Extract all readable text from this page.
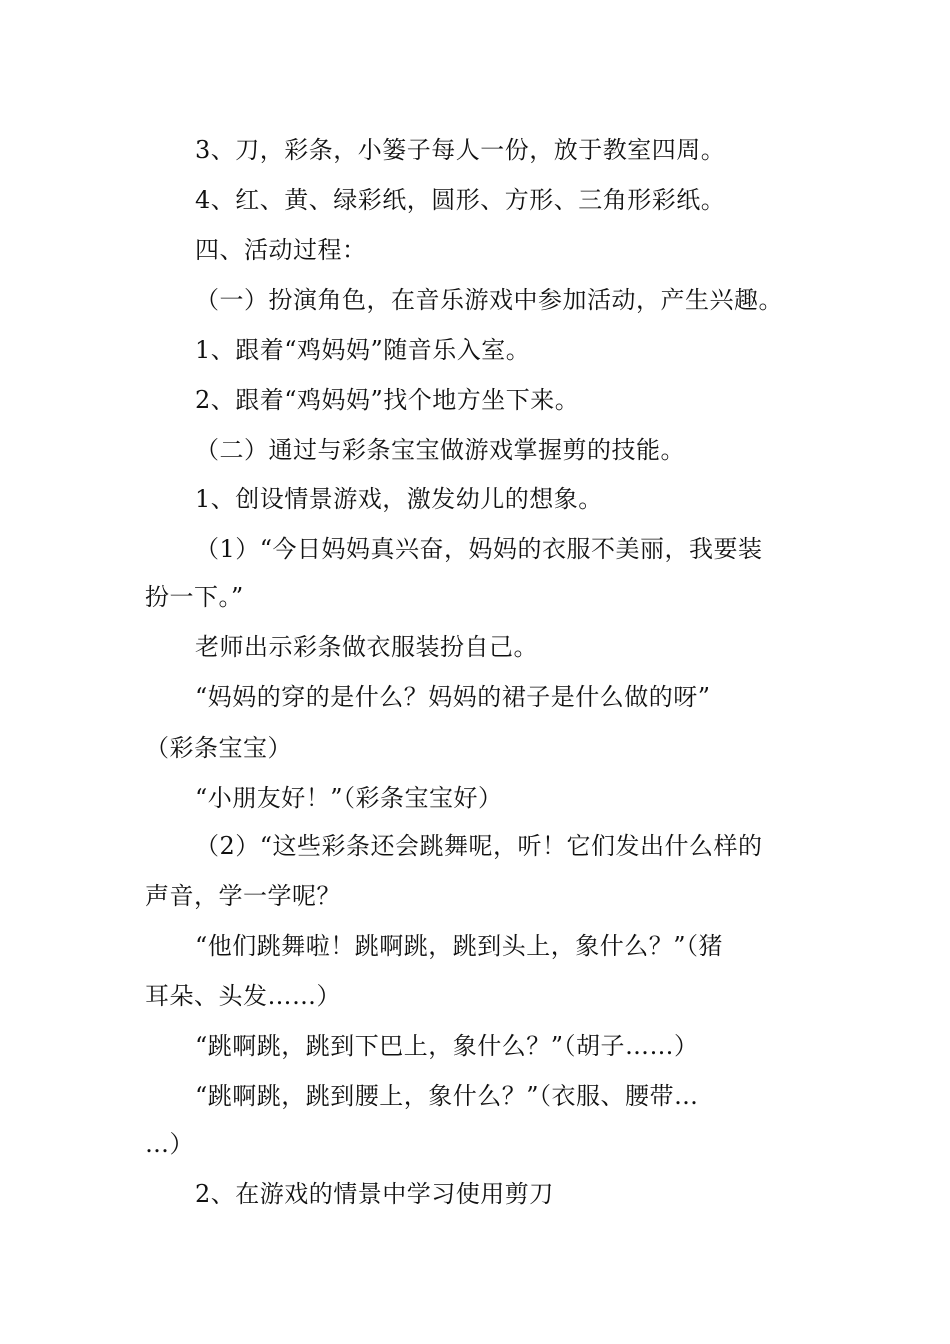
3、刀，彩条，小篓子每人一份，放于教室四周。
4、红、黄、绿彩纸，圆形、方形、三角形彩纸。
四、活动过程：
（一）扮演角色，在音乐游戏中参加活动，产生兴趣。
1、跟着“鸡妈妈”随音乐入室。
2、跟着“鸡妈妈”找个地方坐下来。
（二）通过与彩条宝宝做游戏掌握剪的技能。
1、创设情景游戏，激发幼儿的想象。
（1）“今日妈妈真兴奋，妈妈的衣服不美丽，我要装
扮一下。”
老师出示彩条做衣服装扮自己。
“妈妈的穿的是什么？妈妈的裙子是什么做的呀”
（彩条宝宝）
“小朋友好！”（彩条宝宝好）
（2）“这些彩条还会跳舞呢，听！它们发出什么样的
声音，学一学呢？
“他们跳舞啦！跳啊跳，跳到头上，象什么？”（猪
耳朵、头发……）
“跳啊跳，跳到下巴上，象什么？”（胡子……）
“跳啊跳，跳到腰上，象什么？”（衣服、腰带…
…）
2、在游戏的情景中学习使用剪刀
